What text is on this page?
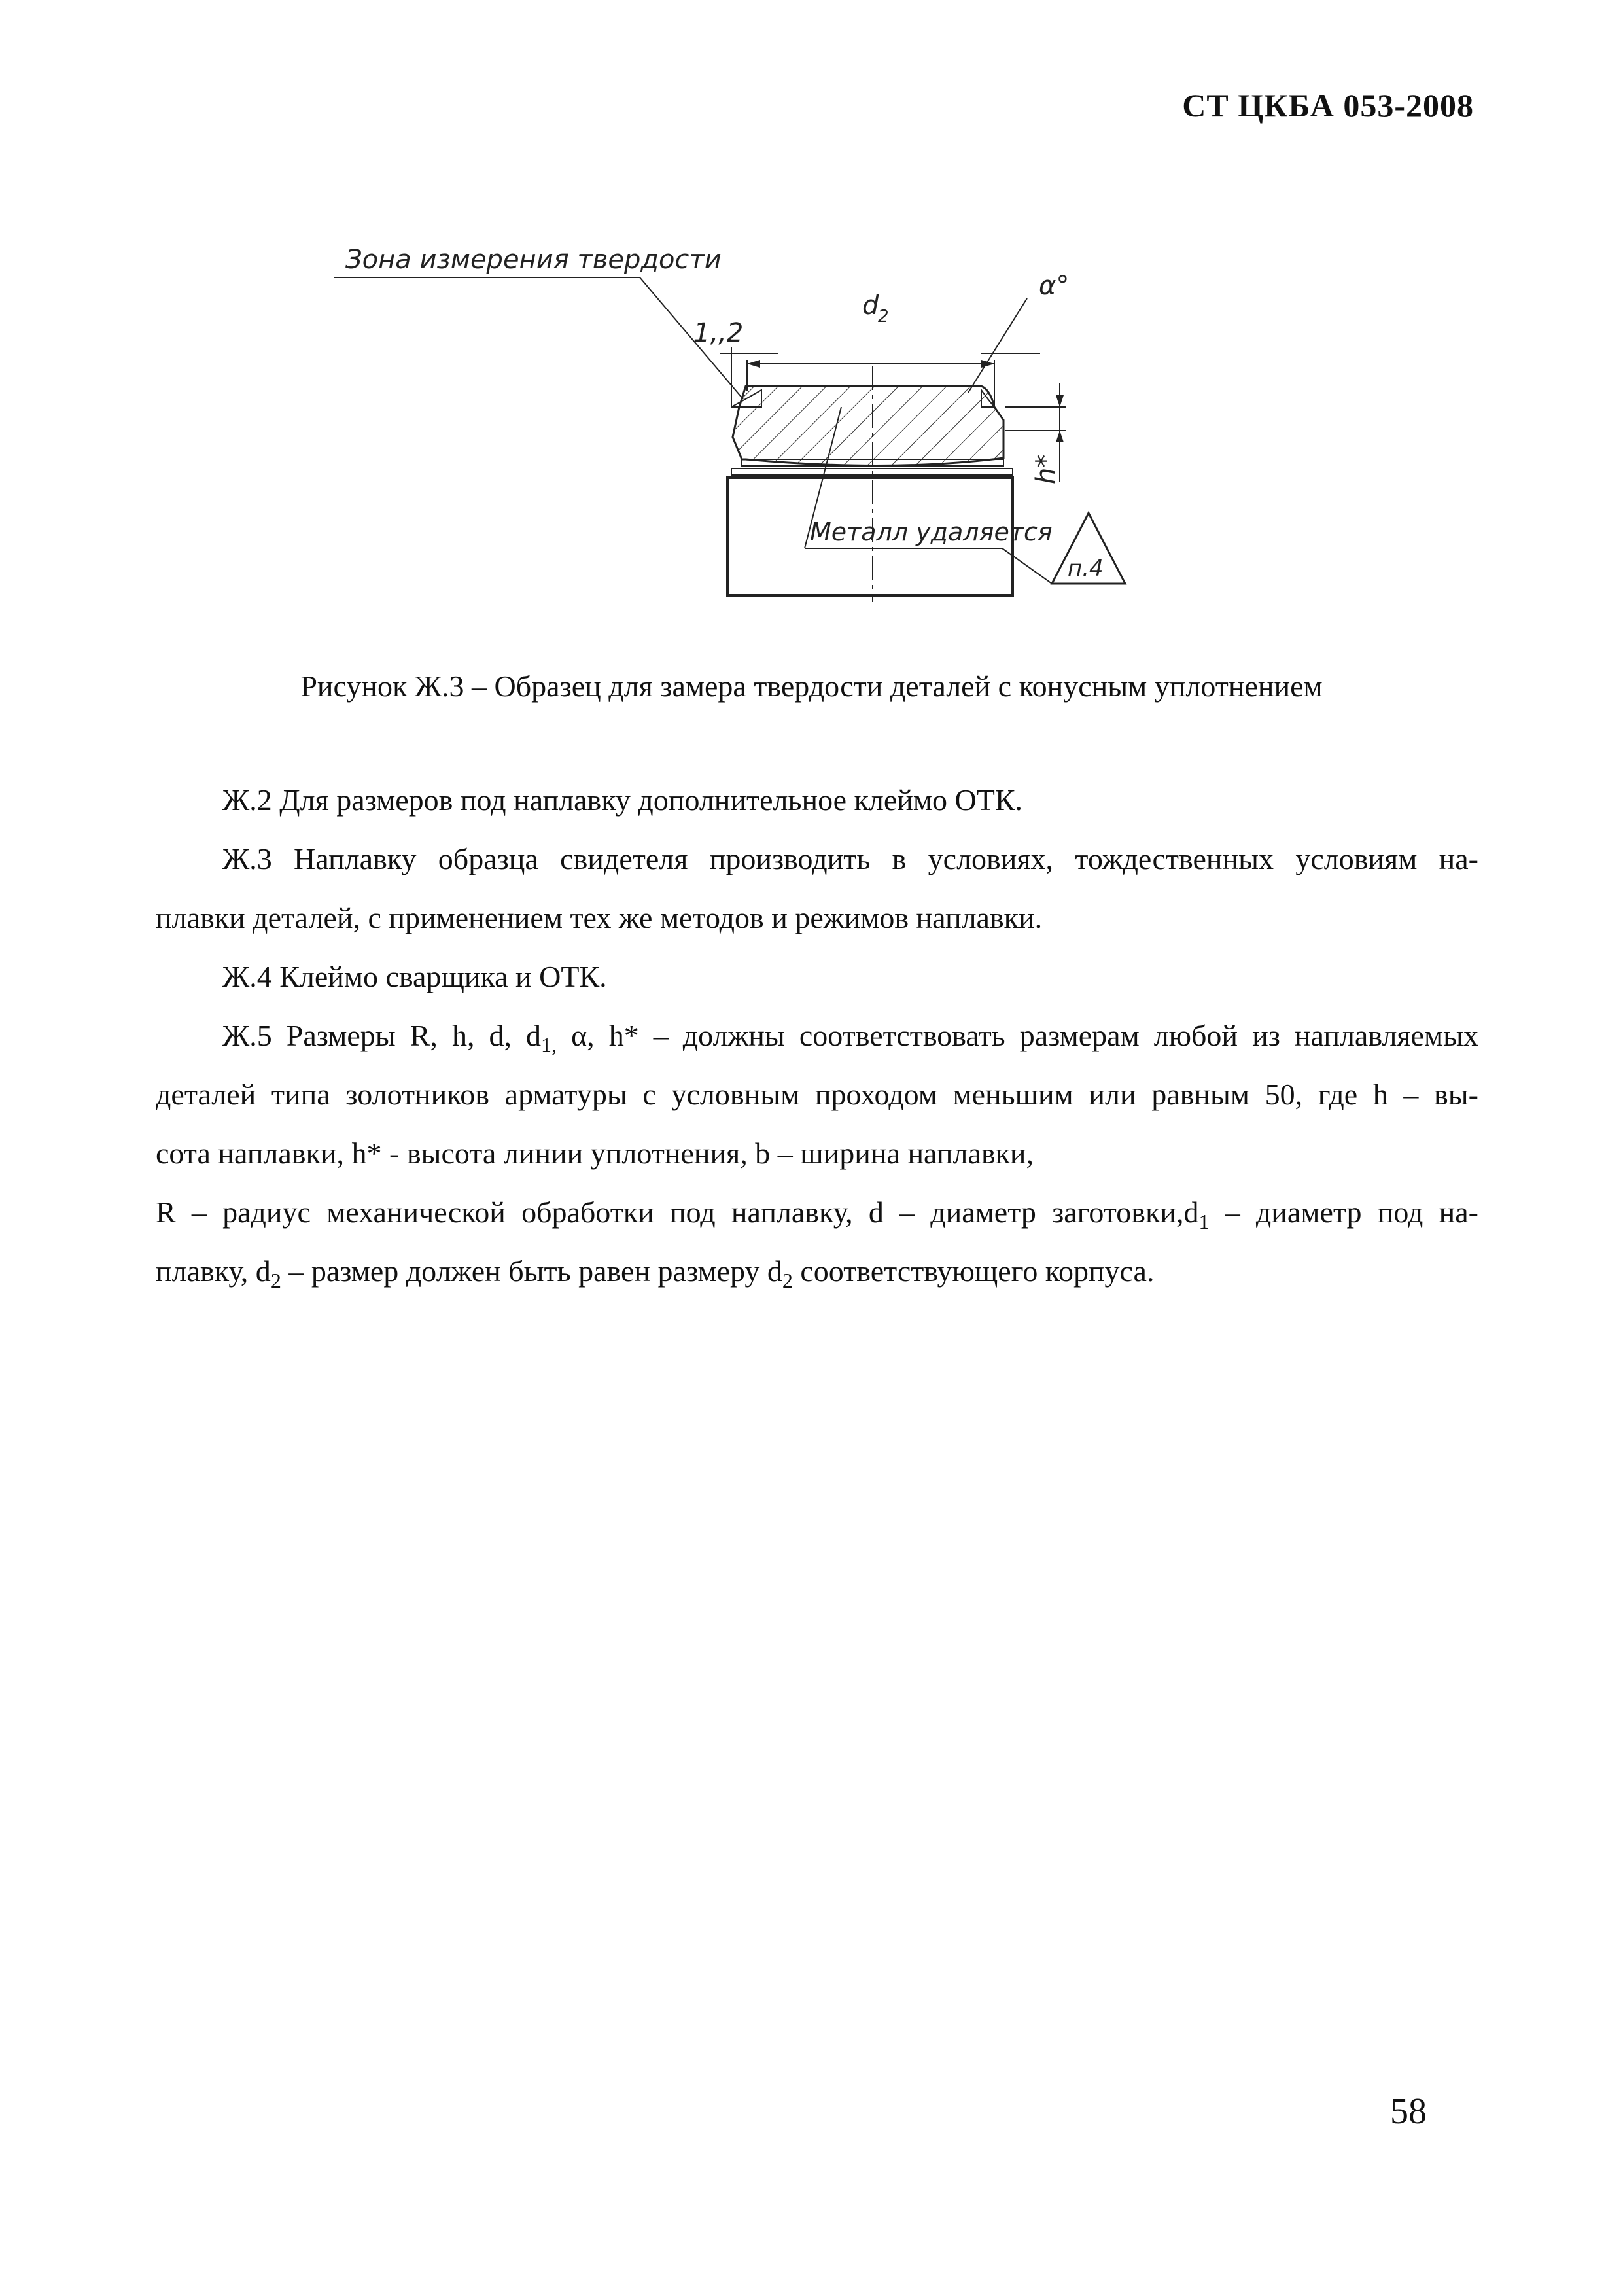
СТ ЦКБА 053-2008
Зона измерения твердости
d
2
1,,2
α°
h*
Металл удаляется
п.4
Рисунок Ж.3 – Образец для замера твердости деталей с конусным уплотнением

Ж.2 Для размеров под наплавку дополнительное клеймо ОТК.

Ж.3 Наплавку образца свидетеля производить в условиях, тождественных условиям на-

плавки деталей, с применением тех же методов и режимов наплавки.

Ж.4 Клеймо сварщика и ОТК.

Ж.5 Размеры R, h, d, $d_{1,}$ α, h* – должны соответствовать размерам любой из наплавляемых

деталей типа золотников арматуры с условным проходом меньшим или равным 50, где h – вы-

сота наплавки, h* - высота линии уплотнения, b – ширина наплавки,

R – радиус механической обработки под наплавку, d – диаметр $заготовки,d_1$ – диаметр под на-

плавку, $d_2$ – размер должен быть равен размеру $d_2$ соответствующего корпуса.

58
